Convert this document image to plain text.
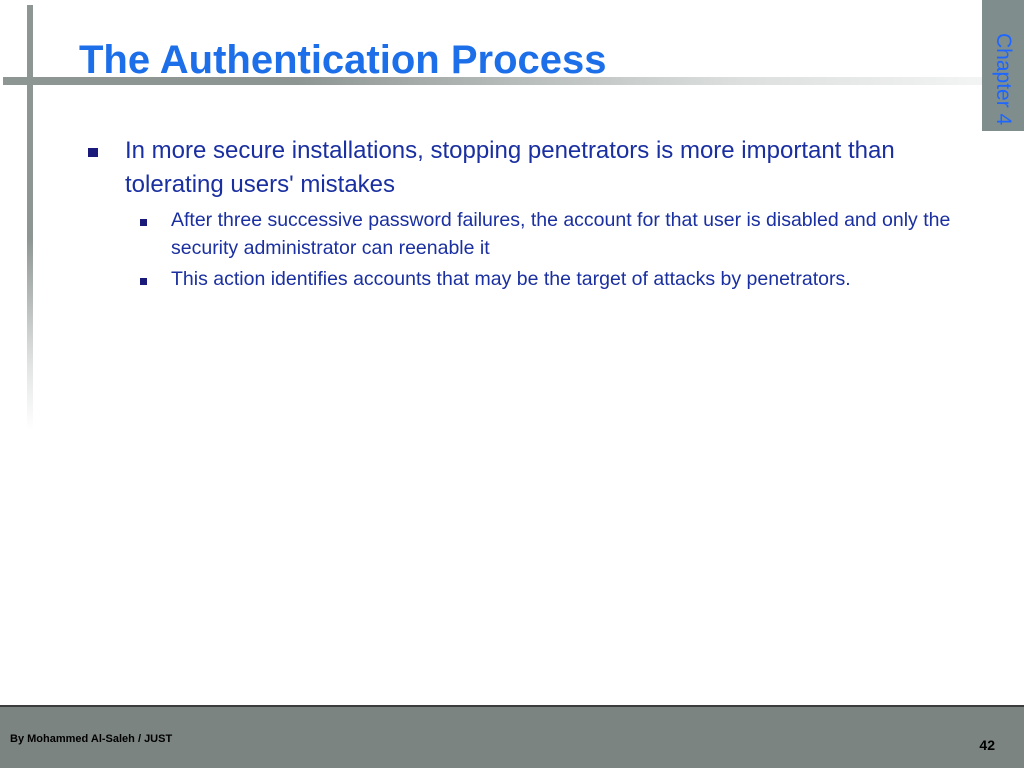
The Authentication Process	Chapter 4
In more secure installations, stopping penetrators is more important than tolerating users' mistakes
After three successive password failures, the account for that user is disabled and only the security administrator can reenable it
This action identifies accounts that may be the target of attacks by penetrators.
By Mohammed Al-Saleh / JUST	42
